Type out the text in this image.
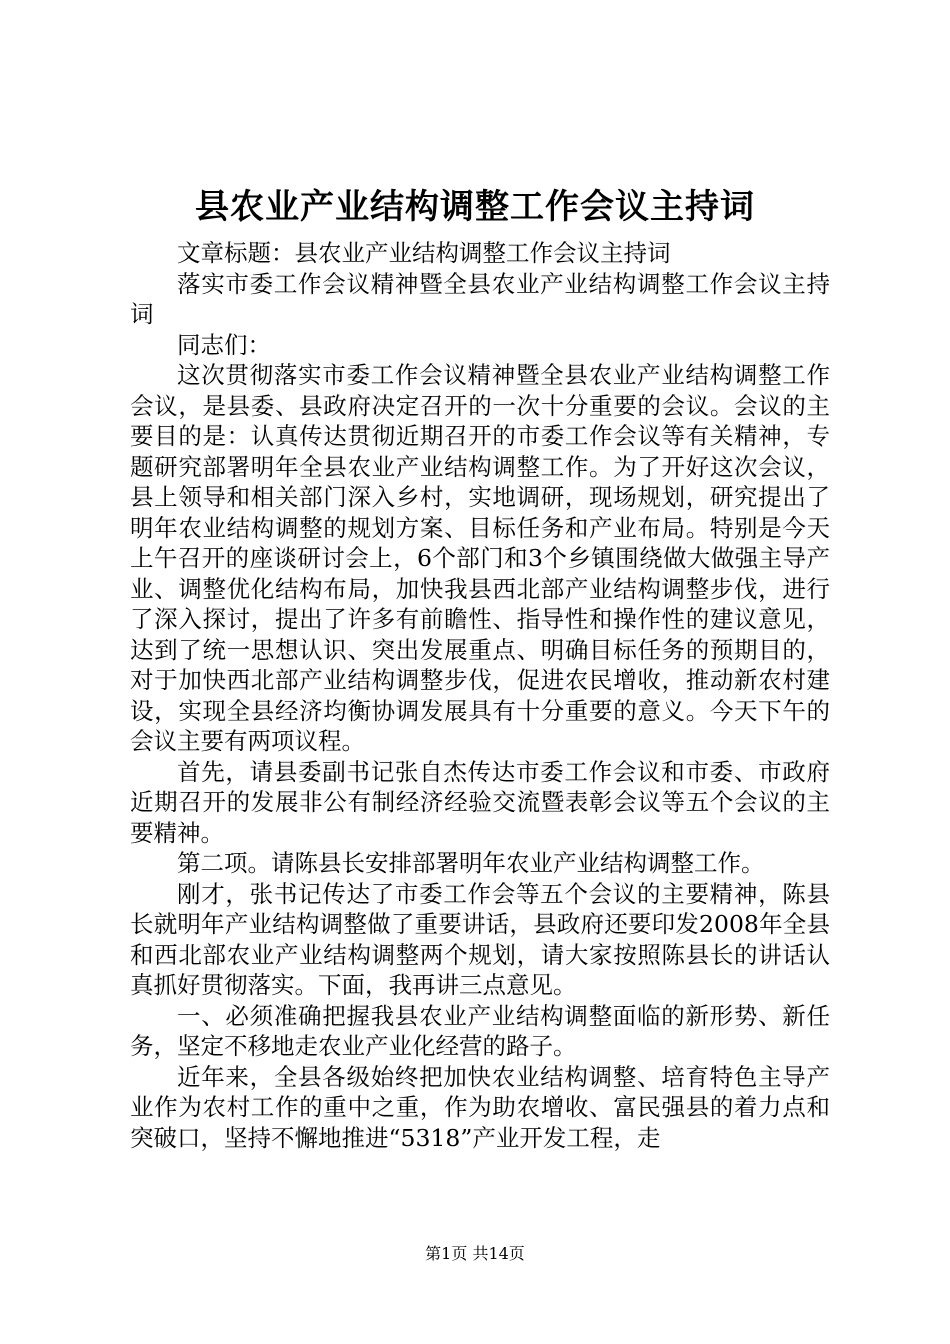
县农业产业结构调整工作会议主持词

文章标题：县农业产业结构调整工作会议主持词

落实市委工作会议精神暨全县农业产业结构调整工作会议主持词

同志们：

这次贯彻落实市委工作会议精神暨全县农业产业结构调整工作会议，是县委、县政府决定召开的一次十分重要的会议。会议的主要目的是：认真传达贯彻近期召开的市委工作会议等有关精神，专题研究部署明年全县农业产业结构调整工作。为了开好这次会议，县上领导和相关部门深入乡村，实地调研，现场规划，研究提出了明年农业结构调整的规划方案、目标任务和产业布局。特别是今天上午召开的座谈研讨会上，6个部门和3个乡镇围绕做大做强主导产业、调整优化结构布局，加快我县西北部产业结构调整步伐，进行了深入探讨，提出了许多有前瞻性、指导性和操作性的建议意见，达到了统一思想认识、突出发展重点、明确目标任务的预期目的，对于加快西北部产业结构调整步伐，促进农民增收，推动新农村建设，实现全县经济均衡协调发展具有十分重要的意义。今天下午的会议主要有两项议程。

首先，请县委副书记张自杰传达市委工作会议和市委、市政府近期召开的发展非公有制经济经验交流暨表彰会议等五个会议的主要精神。

第二项。请陈县长安排部署明年农业产业结构调整工作。

刚才，张书记传达了市委工作会等五个会议的主要精神，陈县长就明年产业结构调整做了重要讲话，县政府还要印发2008年全县和西北部农业产业结构调整两个规划，请大家按照陈县长的讲话认真抓好贯彻落实。下面，我再讲三点意见。

一、必须准确把握我县农业产业结构调整面临的新形势、新任务，坚定不移地走农业产业化经营的路子。

近年来，全县各级始终把加快农业结构调整、培育特色主导产业作为农村工作的重中之重，作为助农增收、富民强县的着力点和突破口，坚持不懈地推进“5318”产业开发工程，走

第1页 共14页
